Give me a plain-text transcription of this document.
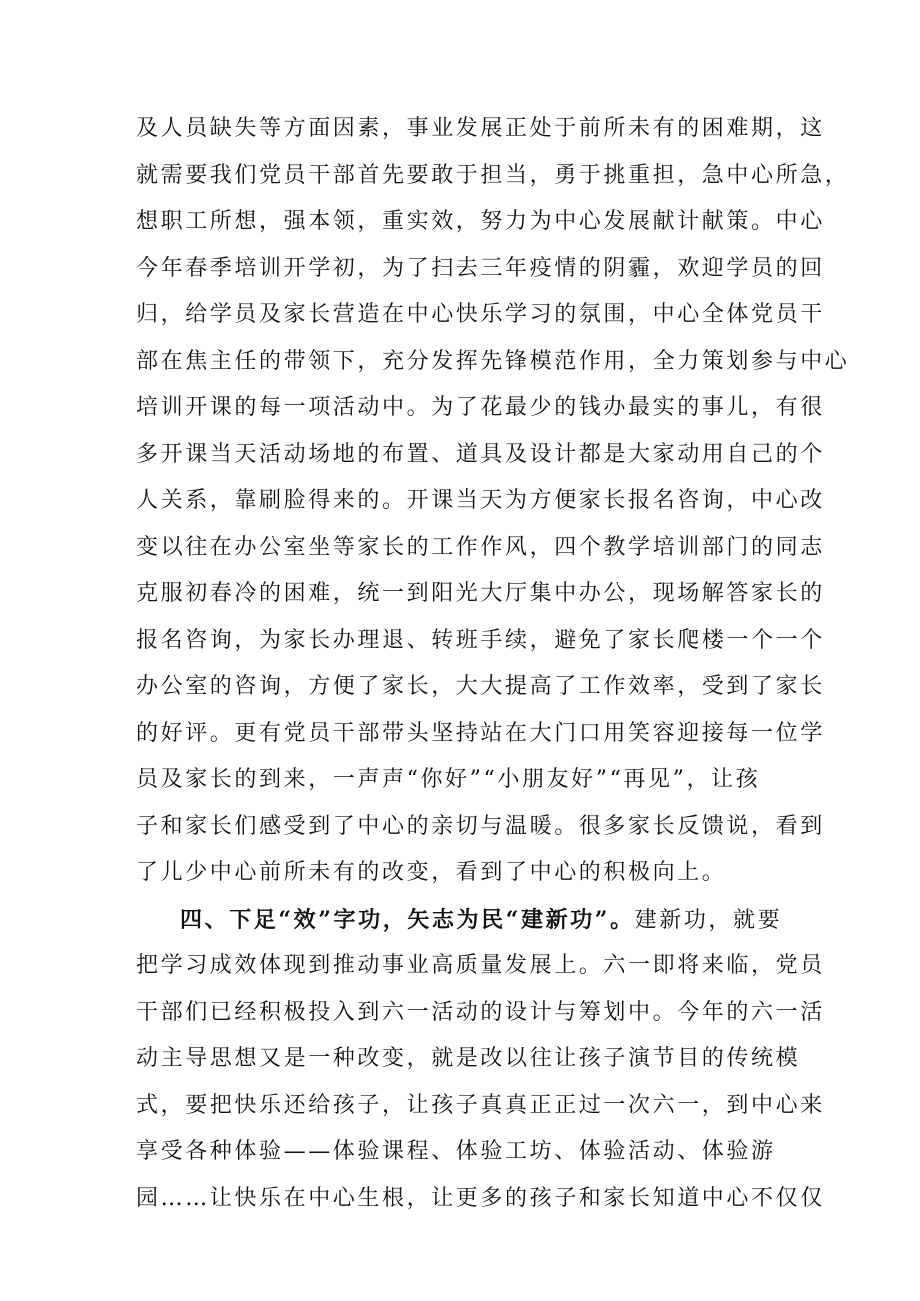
及人员缺失等方面因素，事业发展正处于前所未有的困难期，这
就需要我们党员干部首先要敢于担当，勇于挑重担，急中心所急，
想职工所想，强本领，重实效，努力为中心发展献计献策。中心
今年春季培训开学初，为了扫去三年疫情的阴霾，欢迎学员的回
归，给学员及家长营造在中心快乐学习的氛围，中心全体党员干
部在焦主任的带领下，充分发挥先锋模范作用，全力策划参与中心
培训开课的每一项活动中。为了花最少的钱办最实的事儿，有很
多开课当天活动场地的布置、道具及设计都是大家动用自己的个
人关系，靠刷脸得来的。开课当天为方便家长报名咨询，中心改
变以往在办公室坐等家长的工作作风，四个教学培训部门的同志
克服初春冷的困难，统一到阳光大厅集中办公，现场解答家长的
报名咨询，为家长办理退、转班手续，避免了家长爬楼一个一个
办公室的咨询，方便了家长，大大提高了工作效率，受到了家长
的好评。更有党员干部带头坚持站在大门口用笑容迎接每一位学
员及家长的到来，一声声“你好”“小朋友好”“再见”，让孩
子和家长们感受到了中心的亲切与温暖。很多家长反馈说，看到
了儿少中心前所未有的改变，看到了中心的积极向上。
四、下足“效”字功，矢志为民“建新功”。建新功，就要
把学习成效体现到推动事业高质量发展上。六一即将来临，党员
干部们已经积极投入到六一活动的设计与筹划中。今年的六一活
动主导思想又是一种改变，就是改以往让孩子演节目的传统模
式，要把快乐还给孩子，让孩子真真正正过一次六一，到中心来
享受各种体验——体验课程、体验工坊、体验活动、体验游
园……让快乐在中心生根，让更多的孩子和家长知道中心不仅仅
